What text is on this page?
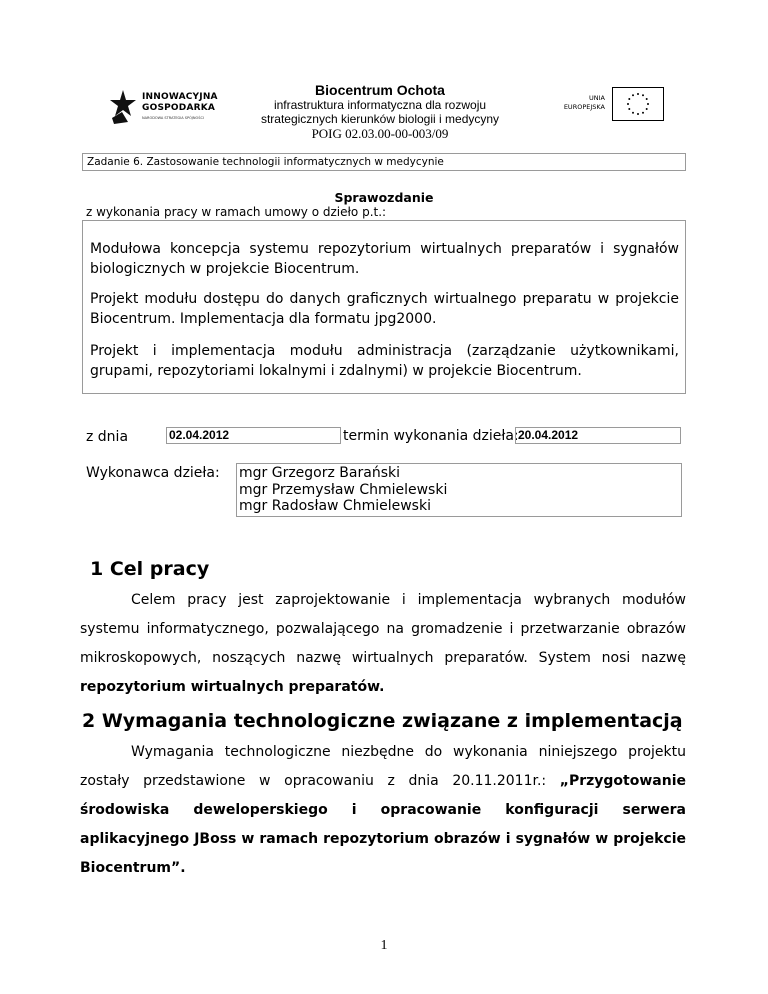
INNOWACYJNA
GOSPODARKA
NARODOWA STRATEGIA SPÓJNOŚCI
Biocentrum Ochota
infrastruktura informatyczna dla rozwoju
strategicznych kierunków biologii i medycyny
POIG 02.03.00-00-003/09
UNIA
EUROPEJSKA
Zadanie 6. Zastosowanie technologii informatycznych w medycynie
Sprawozdanie
z wykonania pracy w ramach umowy o dzieło p.t.:

Modułowa koncepcja systemu repozytorium wirtualnych preparatów i sygnałów biologicznych w projekcie Biocentrum.

Projekt modułu dostępu do danych graficznych wirtualnego preparatu w projekcie Biocentrum. Implementacja dla formatu jpg2000.

Projekt i implementacja modułu administracja (zarządzanie użytkownikami, grupami, repozytoriami lokalnymi i zdalnymi) w projekcie Biocentrum.

z dnia	02.04.2012	termin wykonania dzieła: 20.04.2012
Wykonawca dzieła: mgr Grzegorz Barański
mgr Przemysław Chmielewski
mgr Radosław Chmielewski
1 Cel pracy

Celem pracy jest zaprojektowanie i implementacja wybranych modułów systemu informatycznego, pozwalającego na gromadzenie i przetwarzanie obrazów mikroskopowych, noszących nazwę wirtualnych preparatów. System nosi nazwę repozytorium wirtualnych preparatów.

2 Wymagania technologiczne związane z implementacją

Wymagania technologiczne niezbędne do wykonania niniejszego projektu zostały przedstawione w opracowaniu z dnia 20.11.2011r.: „Przygotowanie środowiska deweloperskiego i opracowanie konfiguracji serwera aplikacyjnego JBoss w ramach repozytorium obrazów i sygnałów w projekcie Biocentrum”.

1
